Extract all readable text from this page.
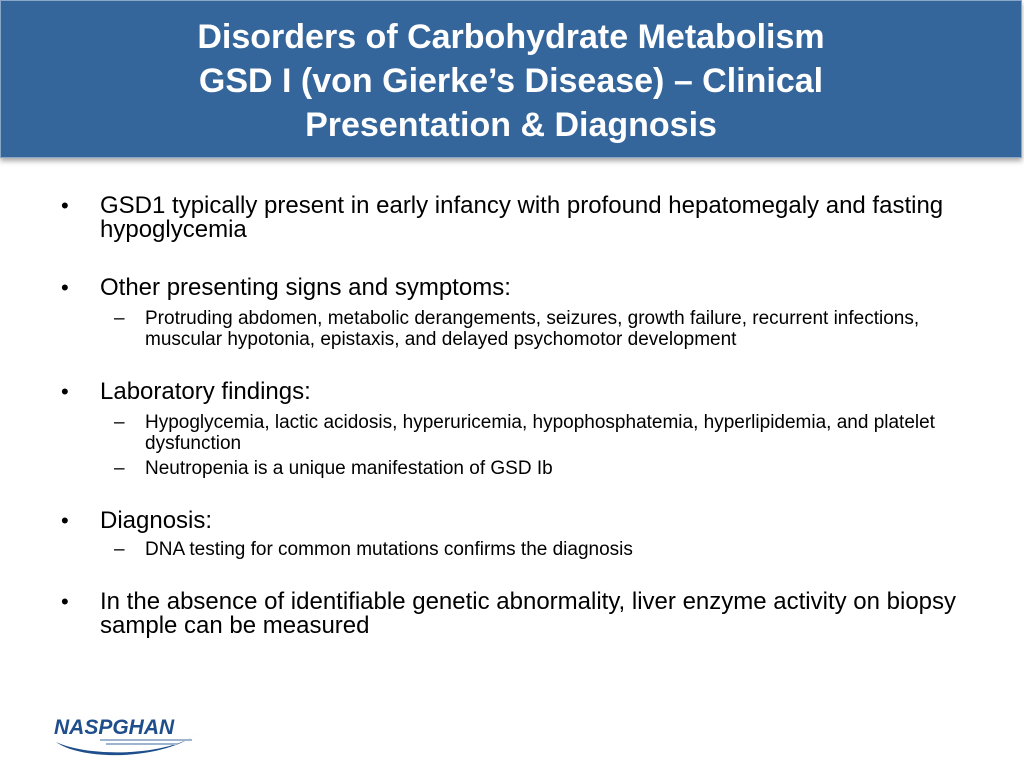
Disorders of Carbohydrate Metabolism
GSD I (von Gierke’s Disease) – Clinical
Presentation & Diagnosis
• GSD1 typically present in early infancy with profound hepatomegaly and fasting hypoglycemia
• Other presenting signs and symptoms:
– Protruding abdomen, metabolic derangements, seizures, growth failure, recurrent infections, muscular hypotonia, epistaxis, and delayed psychomotor development
• Laboratory findings:
– Hypoglycemia, lactic acidosis, hyperuricemia, hypophosphatemia, hyperlipidemia, and platelet dysfunction
– Neutropenia is a unique manifestation of GSD Ib
• Diagnosis:
– DNA testing for common mutations confirms the diagnosis
• In the absence of identifiable genetic abnormality, liver enzyme activity on biopsy sample can be measured
NASPGHAN
